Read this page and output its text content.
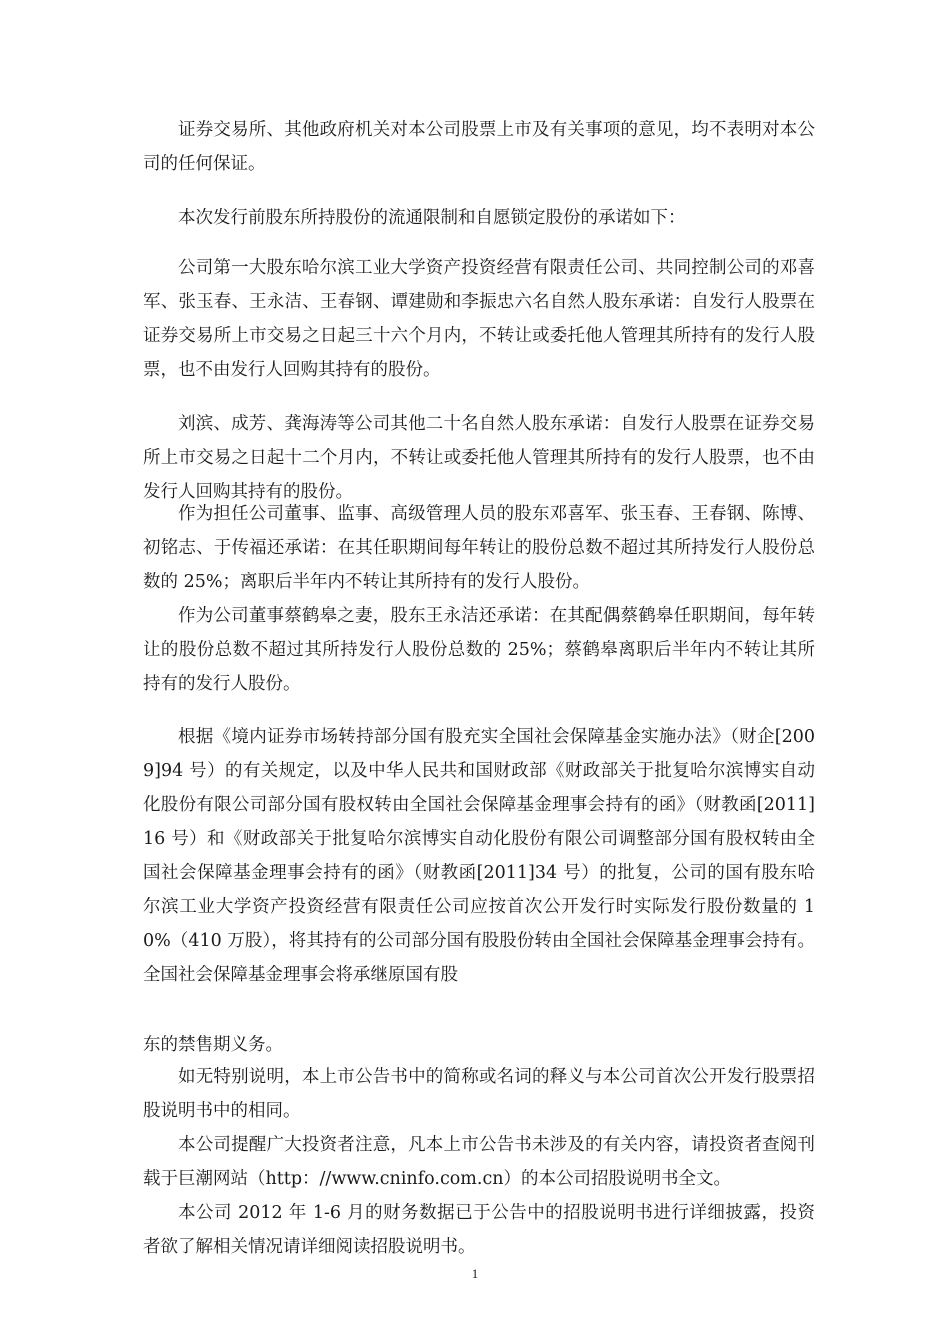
证券交易所、其他政府机关对本公司股票上市及有关事项的意见，均不表明对本公司的任何保证。

本次发行前股东所持股份的流通限制和自愿锁定股份的承诺如下：

公司第一大股东哈尔滨工业大学资产投资经营有限责任公司、共同控制公司的邓喜军、张玉春、王永洁、王春钢、谭建勋和李振忠六名自然人股东承诺：自发行人股票在证券交易所上市交易之日起三十六个月内，不转让或委托他人管理其所持有的发行人股票，也不由发行人回购其持有的股份。

刘滨、成芳、龚海涛等公司其他二十名自然人股东承诺：自发行人股票在证券交易所上市交易之日起十二个月内，不转让或委托他人管理其所持有的发行人股票，也不由发行人回购其持有的股份。

作为担任公司董事、监事、高级管理人员的股东邓喜军、张玉春、王春钢、陈博、初铭志、于传福还承诺：在其任职期间每年转让的股份总数不超过其所持发行人股份总数的 25%；离职后半年内不转让其所持有的发行人股份。

作为公司董事蔡鹤皋之妻，股东王永洁还承诺：在其配偶蔡鹤皋任职期间，每年转让的股份总数不超过其所持发行人股份总数的 25%；蔡鹤皋离职后半年内不转让其所持有的发行人股份。

根据《境内证券市场转持部分国有股充实全国社会保障基金实施办法》（财企[2009]94 号）的有关规定，以及中华人民共和国财政部《财政部关于批复哈尔滨博实自动化股份有限公司部分国有股权转由全国社会保障基金理事会持有的函》（财教函[2011]16 号）和《财政部关于批复哈尔滨博实自动化股份有限公司调整部分国有股权转由全国社会保障基金理事会持有的函》（财教函[2011]34 号）的批复，公司的国有股东哈尔滨工业大学资产投资经营有限责任公司应按首次公开发行时实际发行股份数量的 10%（410 万股），将其持有的公司部分国有股股份转由全国社会保障基金理事会持有。全国社会保障基金理事会将承继原国有股

东的禁售期义务。

如无特别说明，本上市公告书中的简称或名词的释义与本公司首次公开发行股票招股说明书中的相同。

本公司提醒广大投资者注意，凡本上市公告书未涉及的有关内容，请投资者查阅刊载于巨潮网站（http：//www.cninfo.com.cn）的本公司招股说明书全文。

本公司 2012 年 1-6 月的财务数据已于公告中的招股说明书进行详细披露，投资者欲了解相关情况请详细阅读招股说明书。

1
